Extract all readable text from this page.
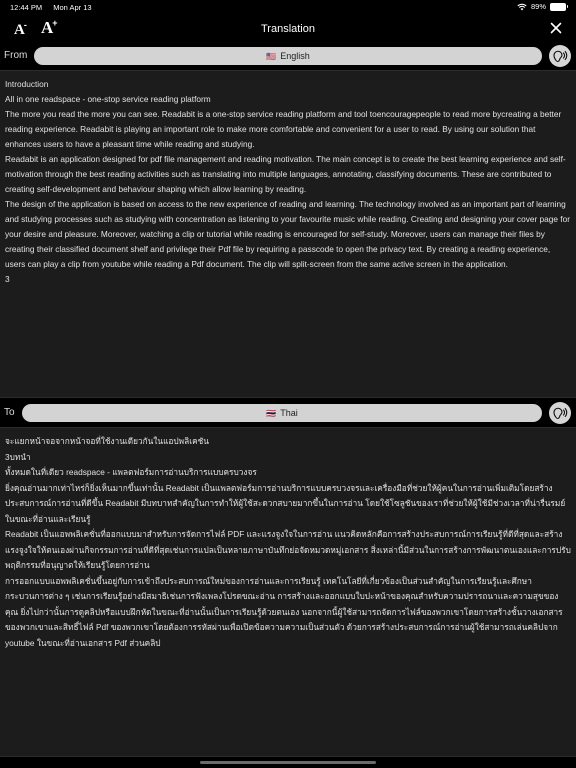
12:44 PM Mon Apr 13	89%
A- A+	Translation
From	🇺🇸 English

Introduction

All in one readspace - one-stop service reading platform

The more you read the more you can see. Readabit is a one-stop service reading platform and tool toencouragepeople to read more bycreating a better reading experience. Readabit is playing an important role to make more comfortable and convenient for a user to read. By using our solution that enhances users to have a pleasant time while reading and studying.

Readabit is an application designed for pdf file management and reading motivation. The main concept is to create the best learning experience and self-motivation through the best reading activities such as translating into multiple languages, annotating, classifying documents. These are contributed to creating self-development and behaviour shaping which allow learning by reading.

The design of the application is based on access to the new experience of reading and learning. The technology involved as an important part of learning and studying processes such as studying with concentration as listening to your favourite music while reading. Creating and designing your cover page for your desire and pleasure. Moreover, watching a clip or tutorial while reading is encouraged for self-study. Moreover, users can manage their files by creating their classified document shelf and privilege their Pdf file by requiring a passcode to open the privacy text. By creating a reading experience, users can play a clip from youtube while reading a Pdf document. The clip will split-screen from the same active screen in the application.

3

To	🇹🇭 Thai

จะแยกหน้าจอจากหน้าจอที่ใช้งานเดียวกันในแอปพลิเคชัน

3บทนำ

ทั้งหมดในที่เดียว readspace - แพลตฟอร์มการอ่านบริการแบบครบวงจร

ยิ่งคุณอ่านมากเท่าไหร่ก็ยิ่งเห็นมากขึ้นเท่านั้น Readabit เป็นแพลตฟอร์มการอ่านบริการแบบครบวงจรและเครื่องมือที่ช่วยให้ผู้คนในการอ่านเพิ่มเติมโดยสร้างประสบการณ์การอ่านที่ดีขึ้น Readabit มีบทบาทสำคัญในการทำให้ผู้ใช้สะดวกสบายมากขึ้นในการอ่าน โดยใช้โซลูชันของเราที่ช่วยให้ผู้ใช้มีช่วงเวลาที่น่ารื่นรมย์ในขณะที่อ่านและเรียนรู้

Readabit เป็นแอพพลิเคชั่นที่ออกแบบมาสำหรับการจัดการไฟล์ PDF และแรงจูงใจในการอ่าน แนวคิดหลักคือการสร้างประสบการณ์การเรียนรู้ที่ดีที่สุดและสร้างแรงจูงใจให้ตนเองผ่านกิจกรรมการอ่านที่ดีที่สุดเช่นการแปลเป็นหลายภาษาบันทึกย่อจัดหมวดหมู่เอกสาร สิ่งเหล่านี้มีส่วนในการสร้างการพัฒนาตนเองและการปรับพฤติกรรมที่อนุญาตให้เรียนรู้โดยการอ่าน

การออกแบบแอพพลิเคชั่นขึ้นอยู่กับการเข้าถึงประสบการณ์ใหม่ของการอ่านและการเรียนรู้ เทคโนโลยีที่เกี่ยวข้องเป็นส่วนสำคัญในการเรียนรู้และศึกษากระบวนการต่าง ๆ เช่นการเรียนรู้อย่างมีสมาธิเช่นการฟังเพลงโปรดขณะอ่าน การสร้างและออกแบบใบปะหน้าของคุณสำหรับความปรารถนาและความสุขของคุณ ยิ่งไปกว่านั้นการดูคลิปหรือแบบฝึกหัดในขณะที่อ่านนั้นเป็นการเรียนรู้ด้วยตนเอง นอกจากนี้ผู้ใช้สามารถจัดการไฟล์ของพวกเขาโดยการสร้างชั้นวางเอกสารของพวกเขาและสิทธิ์ไฟล์ Pdf ของพวกเขาโดยต้องการรหัสผ่านเพื่อเปิดข้อความความเป็นส่วนตัว ด้วยการสร้างประสบการณ์การอ่านผู้ใช้สามารถเล่นคลิปจาก youtube ในขณะที่อ่านเอกสาร Pdf ส่วนคลิป
